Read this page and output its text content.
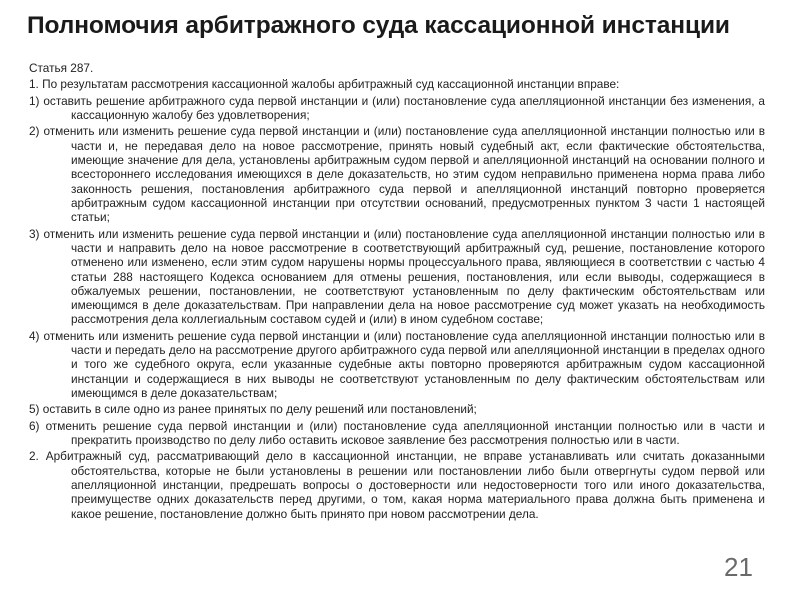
Полномочия арбитражного суда кассационной инстанции
Статья 287.

1. По результатам рассмотрения кассационной жалобы арбитражный суд кассационной инстанции вправе:

1) оставить решение арбитражного суда первой инстанции и (или) постановление суда апелляционной инстанции без изменения, а кассационную жалобу без удовлетворения;

2) отменить или изменить решение суда первой инстанции и (или) постановление суда апелляционной инстанции полностью или в части и, не передавая дело на новое рассмотрение, принять новый судебный акт, если фактические обстоятельства, имеющие значение для дела, установлены арбитражным судом первой и апелляционной инстанций на основании полного и всестороннего исследования имеющихся в деле доказательств, но этим судом неправильно применена норма права либо законность решения, постановления арбитражного суда первой и апелляционной инстанций повторно проверяется арбитражным судом кассационной инстанции при отсутствии оснований, предусмотренных пунктом 3 части 1 настоящей статьи;

3) отменить или изменить решение суда первой инстанции и (или) постановление суда апелляционной инстанции полностью или в части и направить дело на новое рассмотрение в соответствующий арбитражный суд, решение, постановление которого отменено или изменено, если этим судом нарушены нормы процессуального права, являющиеся в соответствии с частью 4 статьи 288 настоящего Кодекса основанием для отмены решения, постановления, или если выводы, содержащиеся в обжалуемых решении, постановлении, не соответствуют установленным по делу фактическим обстоятельствам или имеющимся в деле доказательствам. При направлении дела на новое рассмотрение суд может указать на необходимость рассмотрения дела коллегиальным составом судей и (или) в ином судебном составе;

4) отменить или изменить решение суда первой инстанции и (или) постановление суда апелляционной инстанции полностью или в части и передать дело на рассмотрение другого арбитражного суда первой или апелляционной инстанции в пределах одного и того же судебного округа, если указанные судебные акты повторно проверяются арбитражным судом кассационной инстанции и содержащиеся в них выводы не соответствуют установленным по делу фактическим обстоятельствам или имеющимся в деле доказательствам;

5) оставить в силе одно из ранее принятых по делу решений или постановлений;

6) отменить решение суда первой инстанции и (или) постановление суда апелляционной инстанции полностью или в части и прекратить производство по делу либо оставить исковое заявление без рассмотрения полностью или в части.

2. Арбитражный суд, рассматривающий дело в кассационной инстанции, не вправе устанавливать или считать доказанными обстоятельства, которые не были установлены в решении или постановлении либо были отвергнуты судом первой или апелляционной инстанции, предрешать вопросы о достоверности или недостоверности того или иного доказательства, преимуществе одних доказательств перед другими, о том, какая норма материального права должна быть применена и какое решение, постановление должно быть принято при новом рассмотрении дела.

21
